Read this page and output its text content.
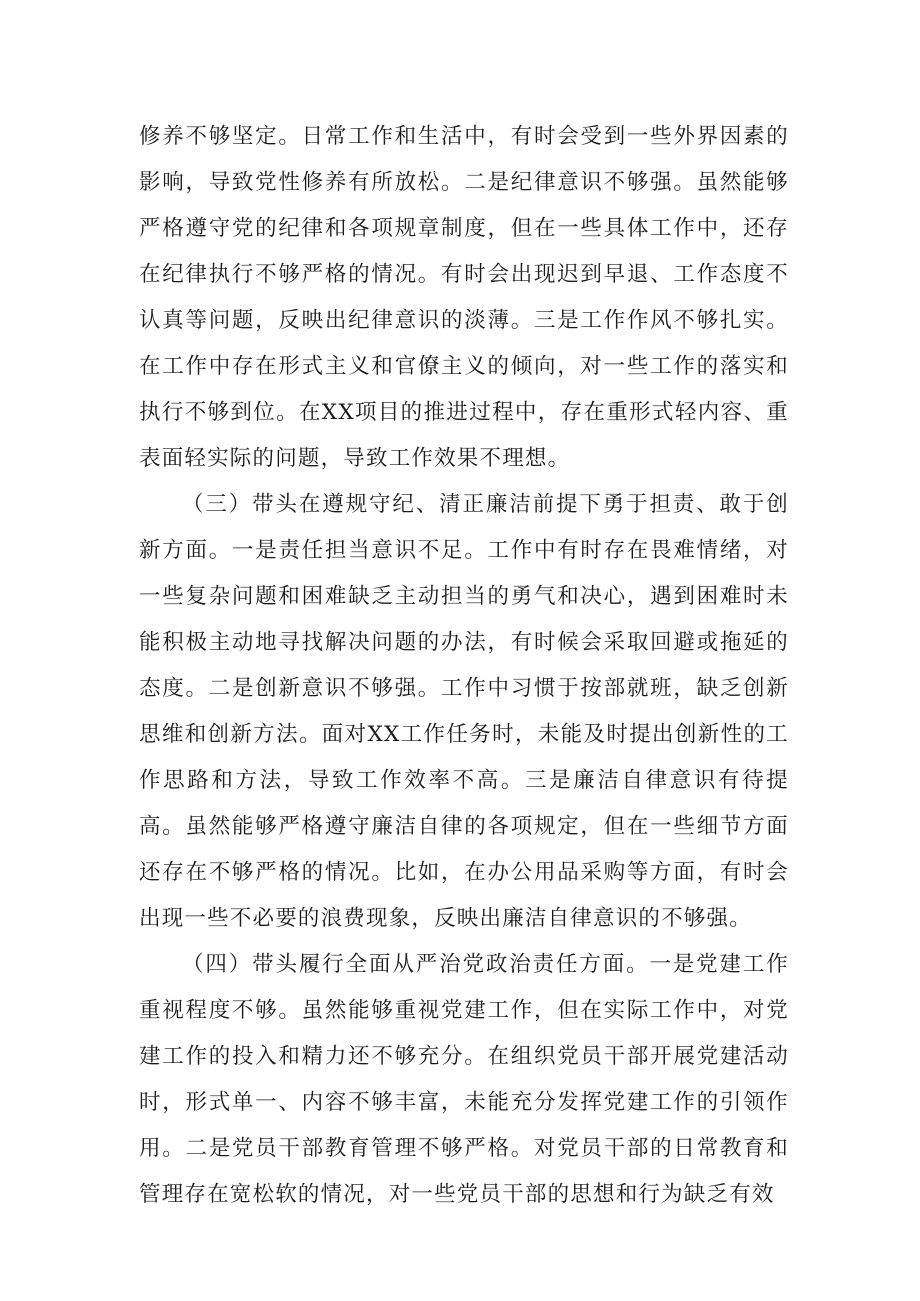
修养不够坚定。日常工作和生活中，有时会受到一些外界因素的影响，导致党性修养有所放松。二是纪律意识不够强。虽然能够严格遵守党的纪律和各项规章制度，但在一些具体工作中，还存在纪律执行不够严格的情况。有时会出现迟到早退、工作态度不认真等问题，反映出纪律意识的淡薄。三是工作作风不够扎实。在工作中存在形式主义和官僚主义的倾向，对一些工作的落实和执行不够到位。在XX项目的推进过程中，存在重形式轻内容、重表面轻实际的问题，导致工作效果不理想。

（三）带头在遵规守纪、清正廉洁前提下勇于担责、敢于创新方面。一是责任担当意识不足。工作中有时存在畏难情绪，对一些复杂问题和困难缺乏主动担当的勇气和决心，遇到困难时未能积极主动地寻找解决问题的办法，有时候会采取回避或拖延的态度。二是创新意识不够强。工作中习惯于按部就班，缺乏创新思维和创新方法。面对XX工作任务时，未能及时提出创新性的工作思路和方法，导致工作效率不高。三是廉洁自律意识有待提高。虽然能够严格遵守廉洁自律的各项规定，但在一些细节方面还存在不够严格的情况。比如，在办公用品采购等方面，有时会出现一些不必要的浪费现象，反映出廉洁自律意识的不够强。

（四）带头履行全面从严治党政治责任方面。一是党建工作重视程度不够。虽然能够重视党建工作，但在实际工作中，对党建工作的投入和精力还不够充分。在组织党员干部开展党建活动时，形式单一、内容不够丰富，未能充分发挥党建工作的引领作用。二是党员干部教育管理不够严格。对党员干部的日常教育和管理存在宽松软的情况，对一些党员干部的思想和行为缺乏有效
